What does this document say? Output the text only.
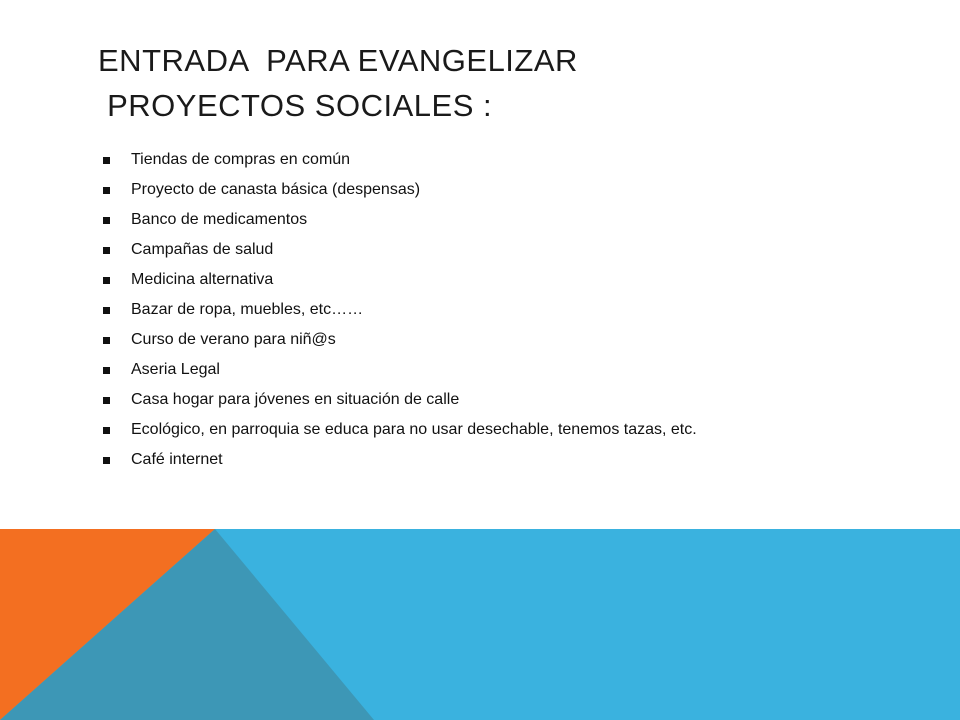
ENTRADA  PARA EVANGELIZAR
PROYECTOS SOCIALES :
Tiendas de compras en común
Proyecto de canasta básica (despensas)
Banco de medicamentos
Campañas de salud
Medicina alternativa
Bazar de ropa, muebles, etc……
Curso de verano para niñ@s
Aseria Legal
Casa hogar para jóvenes en situación de calle
Ecológico, en parroquia se educa para no usar desechable, tenemos tazas, etc.
Café internet
